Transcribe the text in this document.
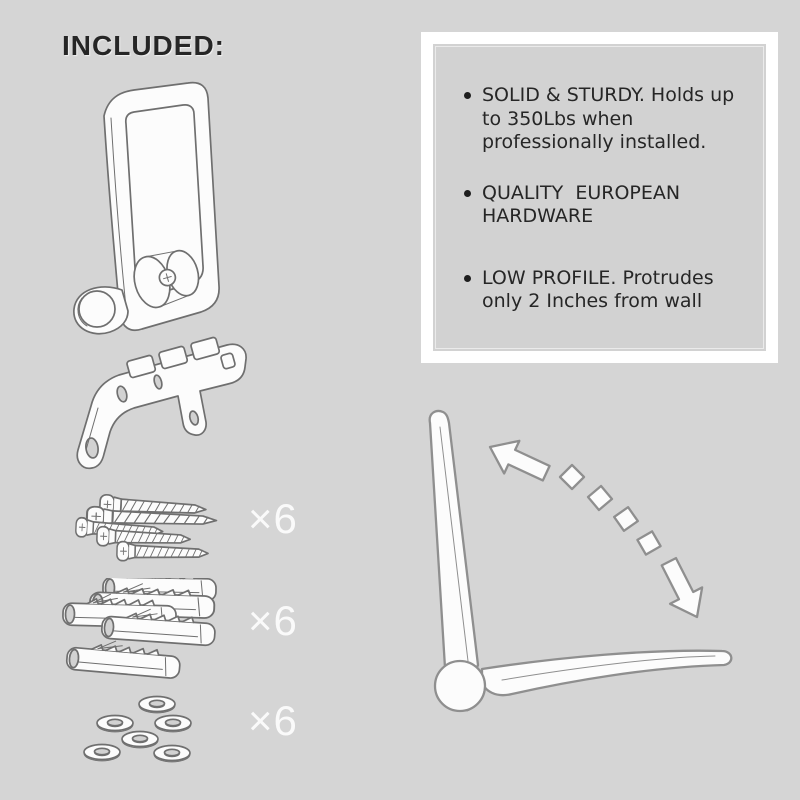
INCLUDED:
×6
×6
×6
SOLID & STURDY. Holds up
to 350Lbs when
professionally installed.
QUALITY  EUROPEAN
HARDWARE
LOW PROFILE. Protrudes
only 2 Inches from wall
